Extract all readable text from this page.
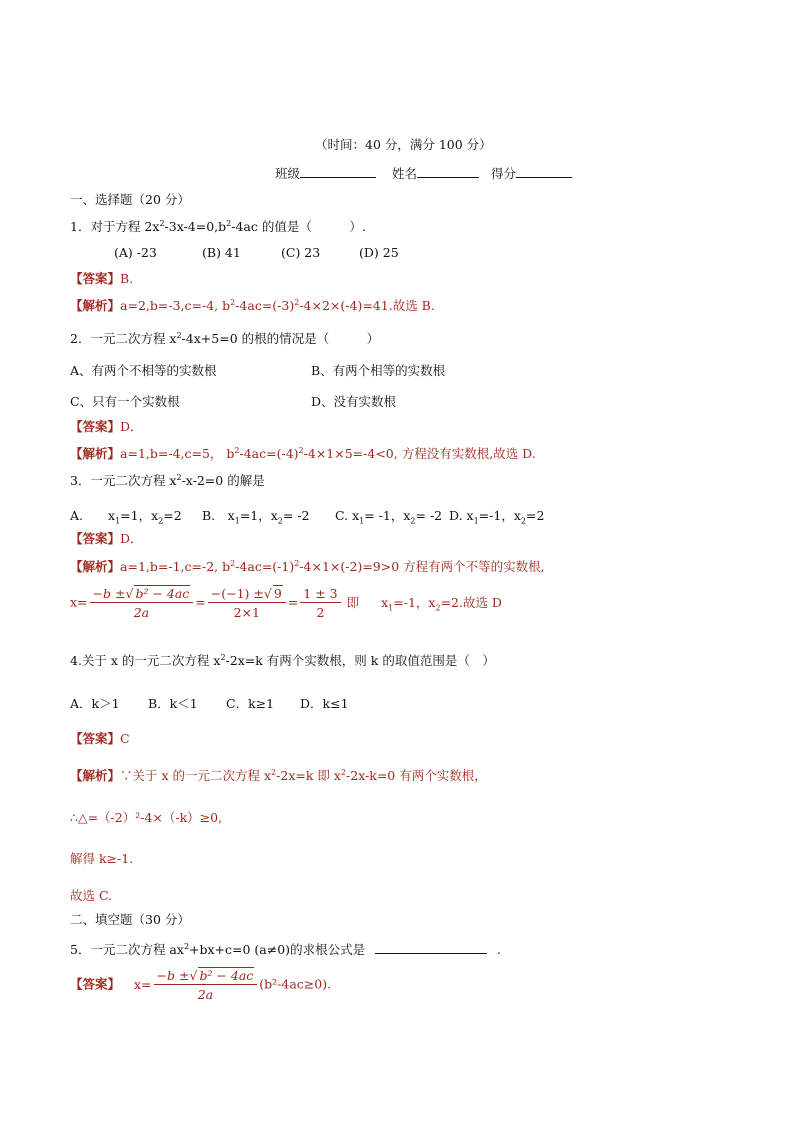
（时间：40 分，满分 100 分）
班级	姓名	得分
一、选择题（20 分）
1．对于方程 $2x^2-3x-4=0,b^2-4ac$ 的值是（　　　）.
(A) -23	(B) 41	(C) 23	(D) 25
【答案】B.
【解析】a=2,b=-3,c=-4, $b^2-4ac=(-3)^2-4\times 2\times(-4)=41$.故选 B.
2．一元二次方程 $x^2-4x+5=0$ 的根的情况是（　　　）
A、有两个不相等的实数根	B、有两个相等的实数根
C、只有一个实数根	D、没有实数根
【答案】D．
【解析】a=1,b=-4,c=5， $b^2-4ac=(-4)^2-4\times 1\times 5=-4<0$, 方程没有实数根,故选 D.
3．一元二次方程 $x^2-x-2=0$ 的解是
A.　　$x_1=1$，$x_2=2$ B.　$x_1=1$，$x_2= -2$ C. $x_1= -1$，$x_2= -2$ D. $x_1=-1$，$x_2=2$
【答案】D．
【解析】a=1,b=-1,c=-2, $b^2-4ac=(-1)^2-4\times 1\times(-2)=9>0$ 方程有两个不等的实数根,
$x= \frac{\text{−b ±√ b² − 4ac}}{2a} = \frac{-(-1) \pm√ 9}{2\times 1} = \frac{1 \pm 3}{2}$ 即 $x_1=-1$，$x_2=2$.故选 D
4.关于 x 的一元二次方程 $x^2-2x=k$ 有两个实数根，则 k 的取值范围是（　）
A．k＞1 B．k＜1 C．k≥1 D．k≤1
【答案】C
【解析】∵关于 x 的一元二次方程 $x^2-2x=k$ 即 $x^2-2x-k=0$ 有两个实数根，
∴△=（-2）²-4×（-k）≥0,
解得 k≥-1.
故选 C.
二、填空题（30 分）
5．一元二次方程 $ax^2+bx+c=0$ (a≠0)的求根公式是	.
【答案】 $x= \frac{\text{−b ±√ b² − 4ac}}{2a} (b^2-4ac\ge 0)$.
